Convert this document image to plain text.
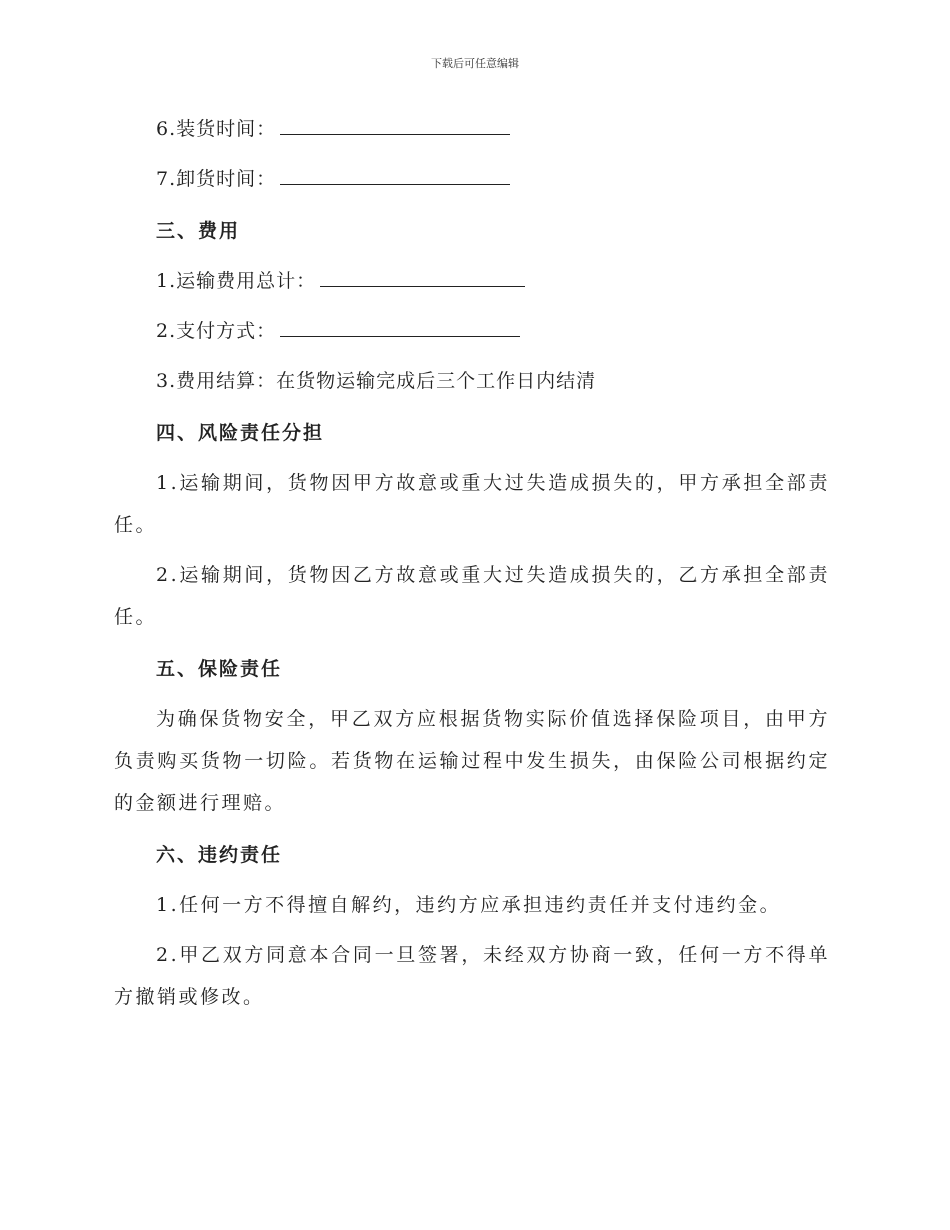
下载后可任意编辑
6.装货时间：
7.卸货时间：
三、费用
1.运输费用总计：
2.支付方式：
3.费用结算：在货物运输完成后三个工作日内结清
四、风险责任分担

1.运输期间，货物因甲方故意或重大过失造成损失的，甲方承担全部责任。

2.运输期间，货物因乙方故意或重大过失造成损失的，乙方承担全部责任。

五、保险责任

为确保货物安全，甲乙双方应根据货物实际价值选择保险项目，由甲方负责购买货物一切险。若货物在运输过程中发生损失，由保险公司根据约定的金额进行理赔。

六、违约责任

1.任何一方不得擅自解约，违约方应承担违约责任并支付违约金。

2.甲乙双方同意本合同一旦签署，未经双方协商一致，任何一方不得单方撤销或修改。
